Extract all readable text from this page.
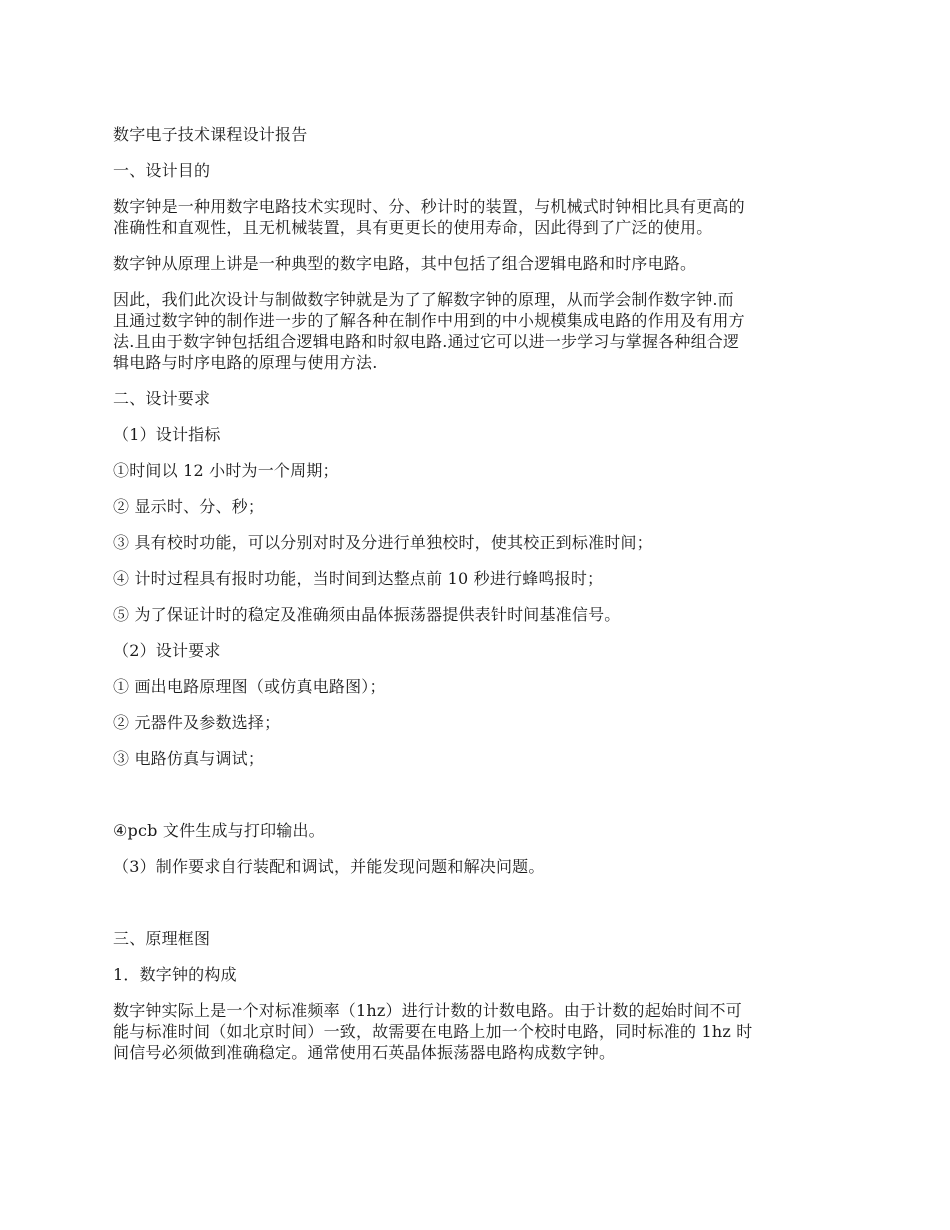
数字电子技术课程设计报告

一、设计目的

数字钟是一种用数字电路技术实现时、分、秒计时的装置，与机械式时钟相比具有更高的

准确性和直观性，且无机械装置，具有更更长的使用寿命，因此得到了广泛的使用。

数字钟从原理上讲是一种典型的数字电路，其中包括了组合逻辑电路和时序电路。

因此，我们此次设计与制做数字钟就是为了了解数字钟的原理，从而学会制作数字钟.而

且通过数字钟的制作进一步的了解各种在制作中用到的中小规模集成电路的作用及有用方

法.且由于数字钟包括组合逻辑电路和时叙电路.通过它可以进一步学习与掌握各种组合逻

辑电路与时序电路的原理与使用方法.

二、设计要求

（1）设计指标

①时间以 12 小时为一个周期；

② 显示时、分、秒；

③ 具有校时功能，可以分别对时及分进行单独校时，使其校正到标准时间；

④ 计时过程具有报时功能，当时间到达整点前 10 秒进行蜂鸣报时；

⑤ 为了保证计时的稳定及准确须由晶体振荡器提供表针时间基准信号。

（2）设计要求

① 画出电路原理图（或仿真电路图）；

② 元器件及参数选择；

③ 电路仿真与调试；

④pcb 文件生成与打印输出。

（3）制作要求自行装配和调试，并能发现问题和解决问题。

三、原理框图

1．数字钟的构成

数字钟实际上是一个对标准频率（1hz）进行计数的计数电路。由于计数的起始时间不可

能与标准时间（如北京时间）一致，故需要在电路上加一个校时电路，同时标准的 1hz 时

间信号必须做到准确稳定。通常使用石英晶体振荡器电路构成数字钟。
